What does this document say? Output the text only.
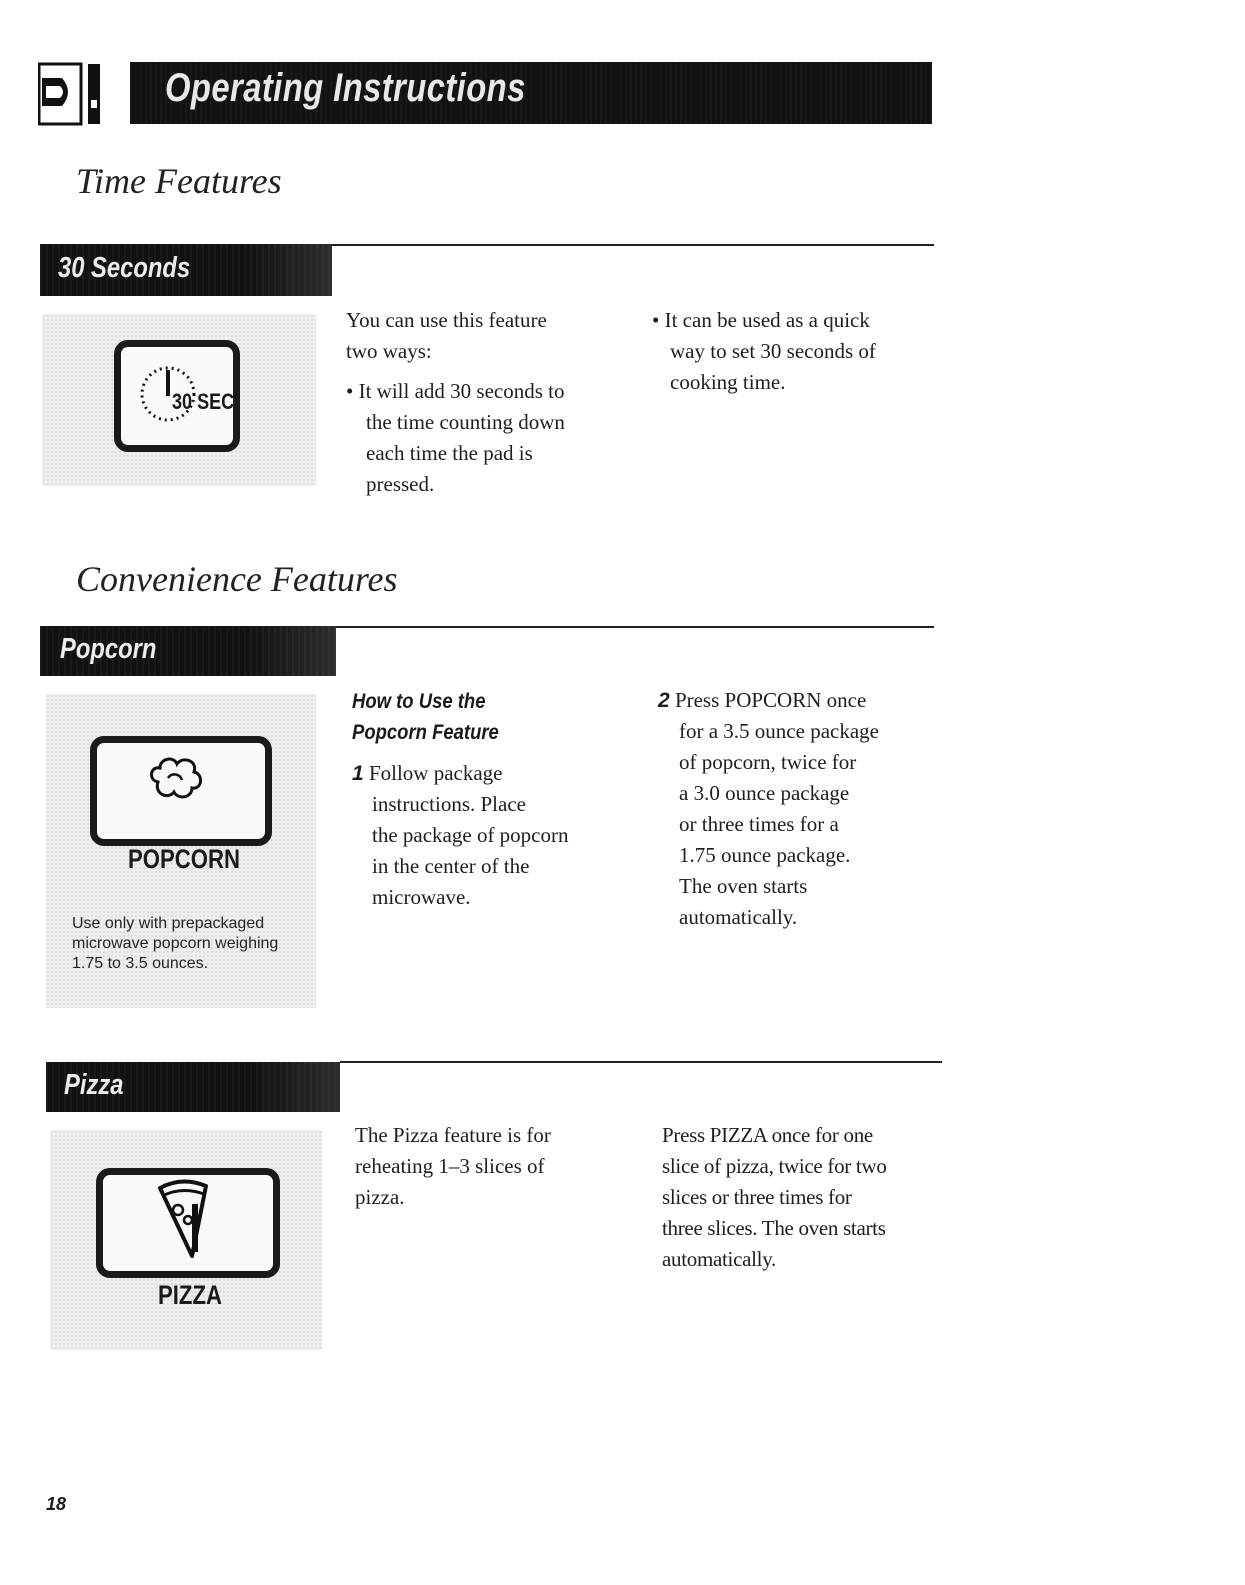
Operating Instructions
Time Features
30 Seconds
30 SEC
You can use this feature
two ways:
• It will add 30 seconds to
the time counting down
each time the pad is
pressed.
• It can be used as a quick
way to set 30 seconds of
cooking time.
Convenience Features
Popcorn
POPCORN
Use only with prepackaged
microwave popcorn weighing
1.75 to 3.5 ounces.
How to Use the
Popcorn Feature
1 Follow package
instructions. Place
the package of popcorn
in the center of the
microwave.
2 Press POPCORN once
for a 3.5 ounce package
of popcorn, twice for
a 3.0 ounce package
or three times for a
1.75 ounce package.
The oven starts
automatically.
Pizza
PIZZA
The Pizza feature is for
reheating 1–3 slices of
pizza.
Press PIZZA once for one
slice of pizza, twice for two
slices or three times for
three slices. The oven starts
automatically.
18
